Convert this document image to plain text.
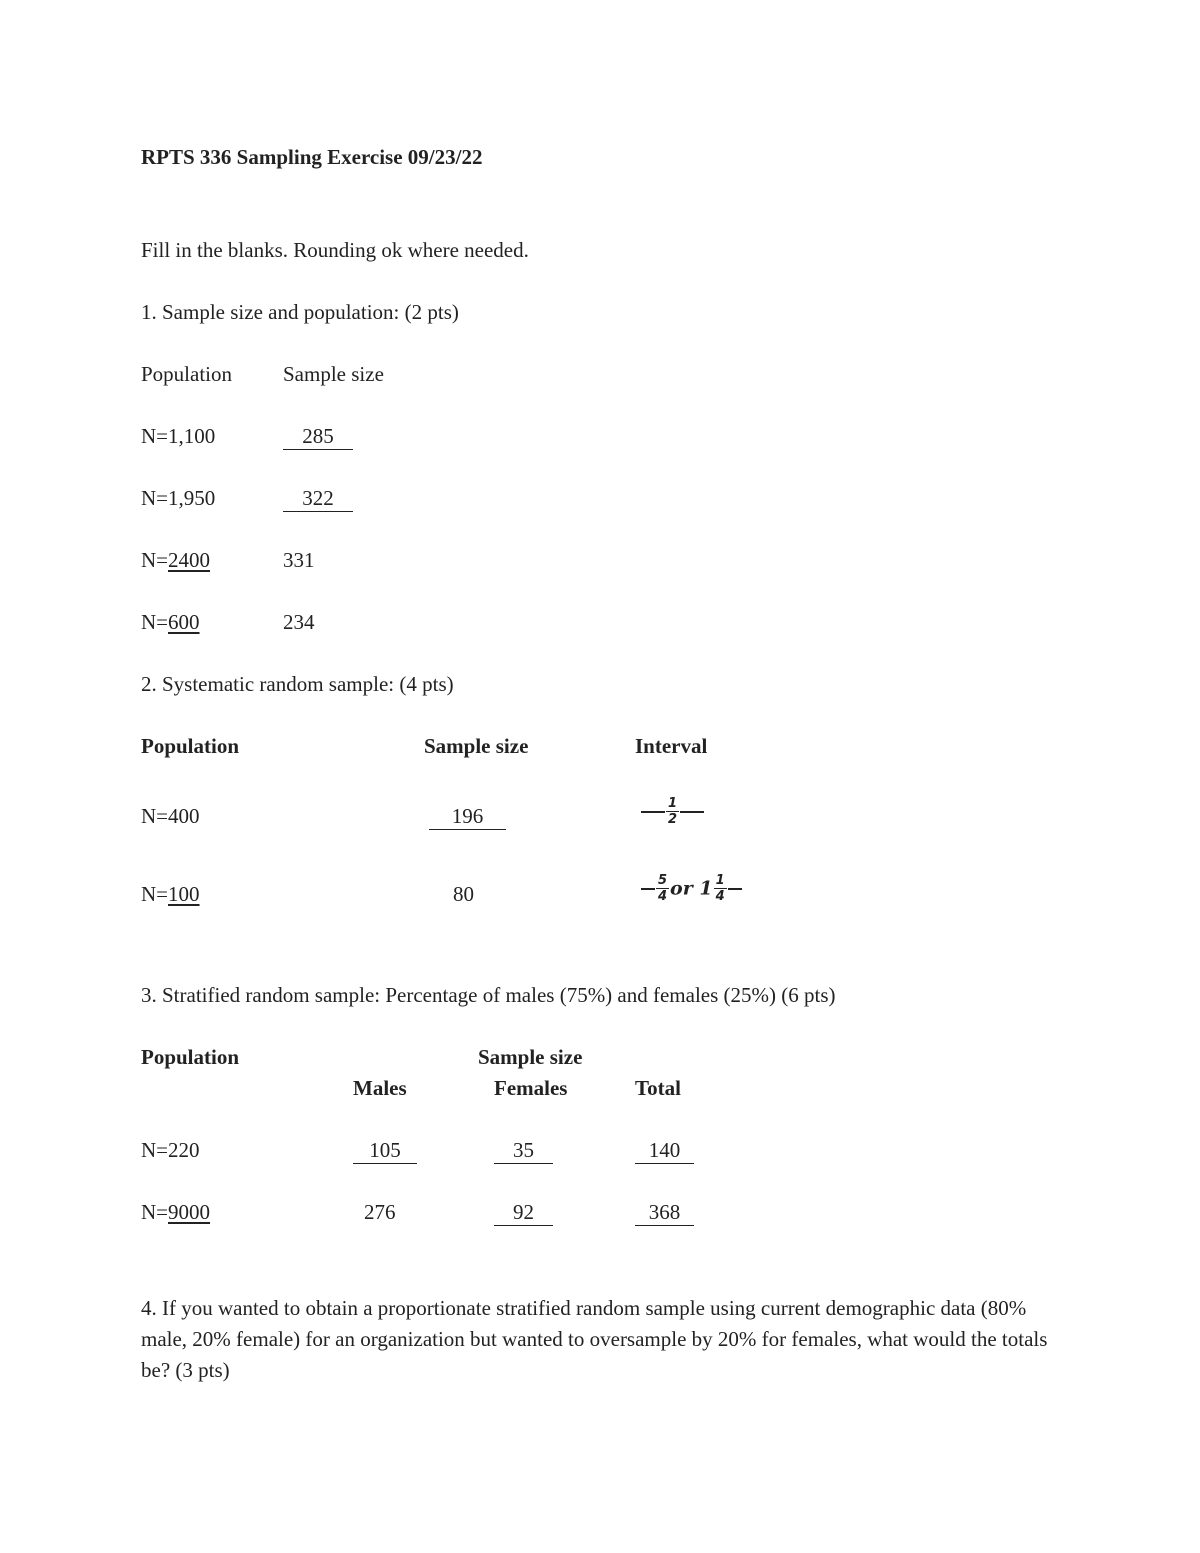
RPTS 336 Sampling Exercise 09/23/22
Fill in the blanks. Rounding ok where needed.
1. Sample size and population: (2 pts)
Population Sample size
N=1,100	285
N=1,950	322
N=2400	331
N=600	234
2. Systematic random sample: (4 pts)
Population	Sample size	Interval
N=400	196	$\frac{1}{2}$
N=100	80	$\frac{5}{4}$ or $1 \frac{1}{4}$
3. Stratified random sample: Percentage of males (75%) and females (25%) (6 pts)
Population	Sample size
Males	Females	Total
N=220	105	35	140
N=9000	276	92	368
4. If you wanted to obtain a proportionate stratified random sample using current demographic data (80% male, 20% female) for an organization but wanted to oversample by 20% for females, what would the totals be? (3 pts)
